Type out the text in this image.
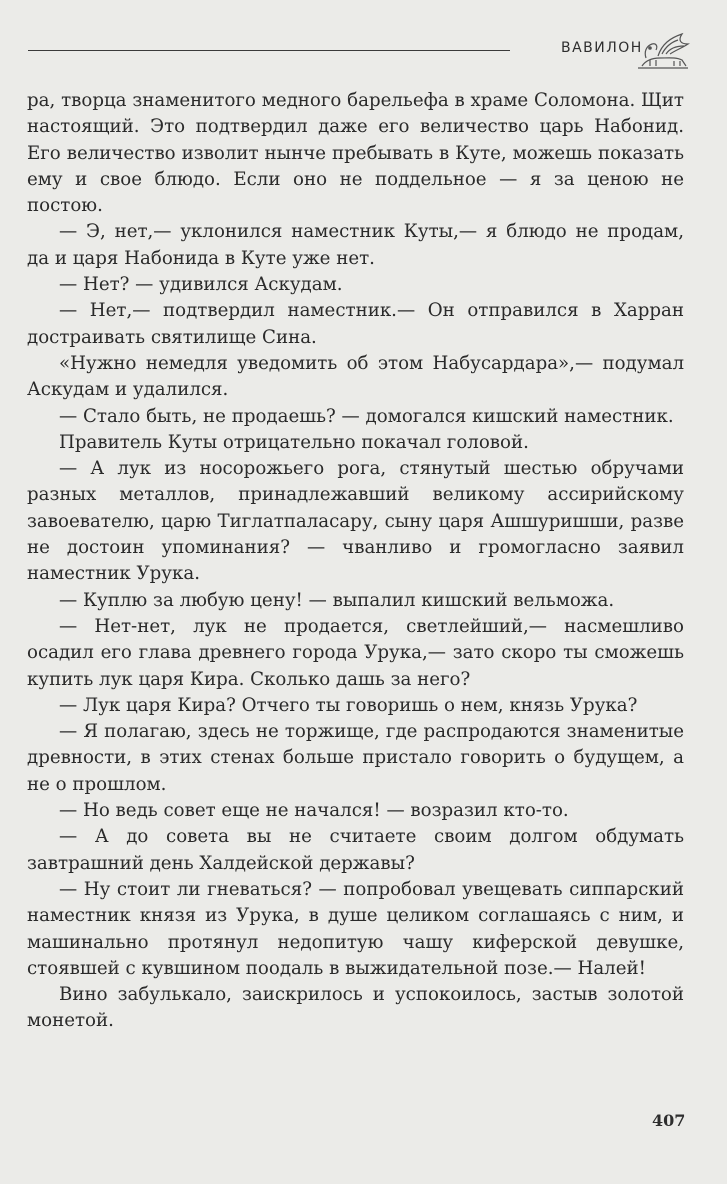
ВАВИЛОН

ра, творца знаменитого медного барельефа в храме Соломона. Щит настоящий. Это подтвердил даже его величество царь Набонид. Его величество изволит нынче пребывать в Куте, можешь показать ему и свое блюдо. Если оно не поддельное — я за ценою не постою.

— Э, нет,— уклонился наместник Куты,— я блюдо не продам, да и царя Набонида в Куте уже нет.

— Нет? — удивился Аскудам.

— Нет,— подтвердил наместник.— Он отправился в Харран достраивать святилище Сина.

«Нужно немедля уведомить об этом Набусардара»,— подумал Аскудам и удалился.

— Стало быть, не продаешь? — домогался кишский наместник.

Правитель Куты отрицательно покачал головой.

— А лук из носорожьего рога, стянутый шестью обручами разных металлов, принадлежавший великому ассирийскому завоевателю, царю Тиглатпаласару, сыну царя Ашшуришши, разве не достоин упоминания? — чванливо и громогласно заявил наместник Урука.

— Куплю за любую цену! — выпалил кишский вельможа.

— Нет-нет, лук не продается, светлейший,— насмешливо осадил его глава древнего города Урука,— зато скоро ты сможешь купить лук царя Кира. Сколько дашь за него?

— Лук царя Кира? Отчего ты говоришь о нем, князь Урука?

— Я полагаю, здесь не торжище, где распродаются знаменитые древности, в этих стенах больше пристало говорить о будущем, а не о прошлом.

— Но ведь совет еще не начался! — возразил кто-то.

— А до совета вы не считаете своим долгом обдумать завтрашний день Халдейской державы?

— Ну стоит ли гневаться? — попробовал увещевать сиппарский наместник князя из Урука, в душе целиком соглашаясь с ним, и машинально протянул недопитую чашу киферской девушке, стоявшей с кувшином поодаль в выжидательной позе.— Налей!

Вино забулькало, заискрилось и успокоилось, застыв золотой монетой.

407
